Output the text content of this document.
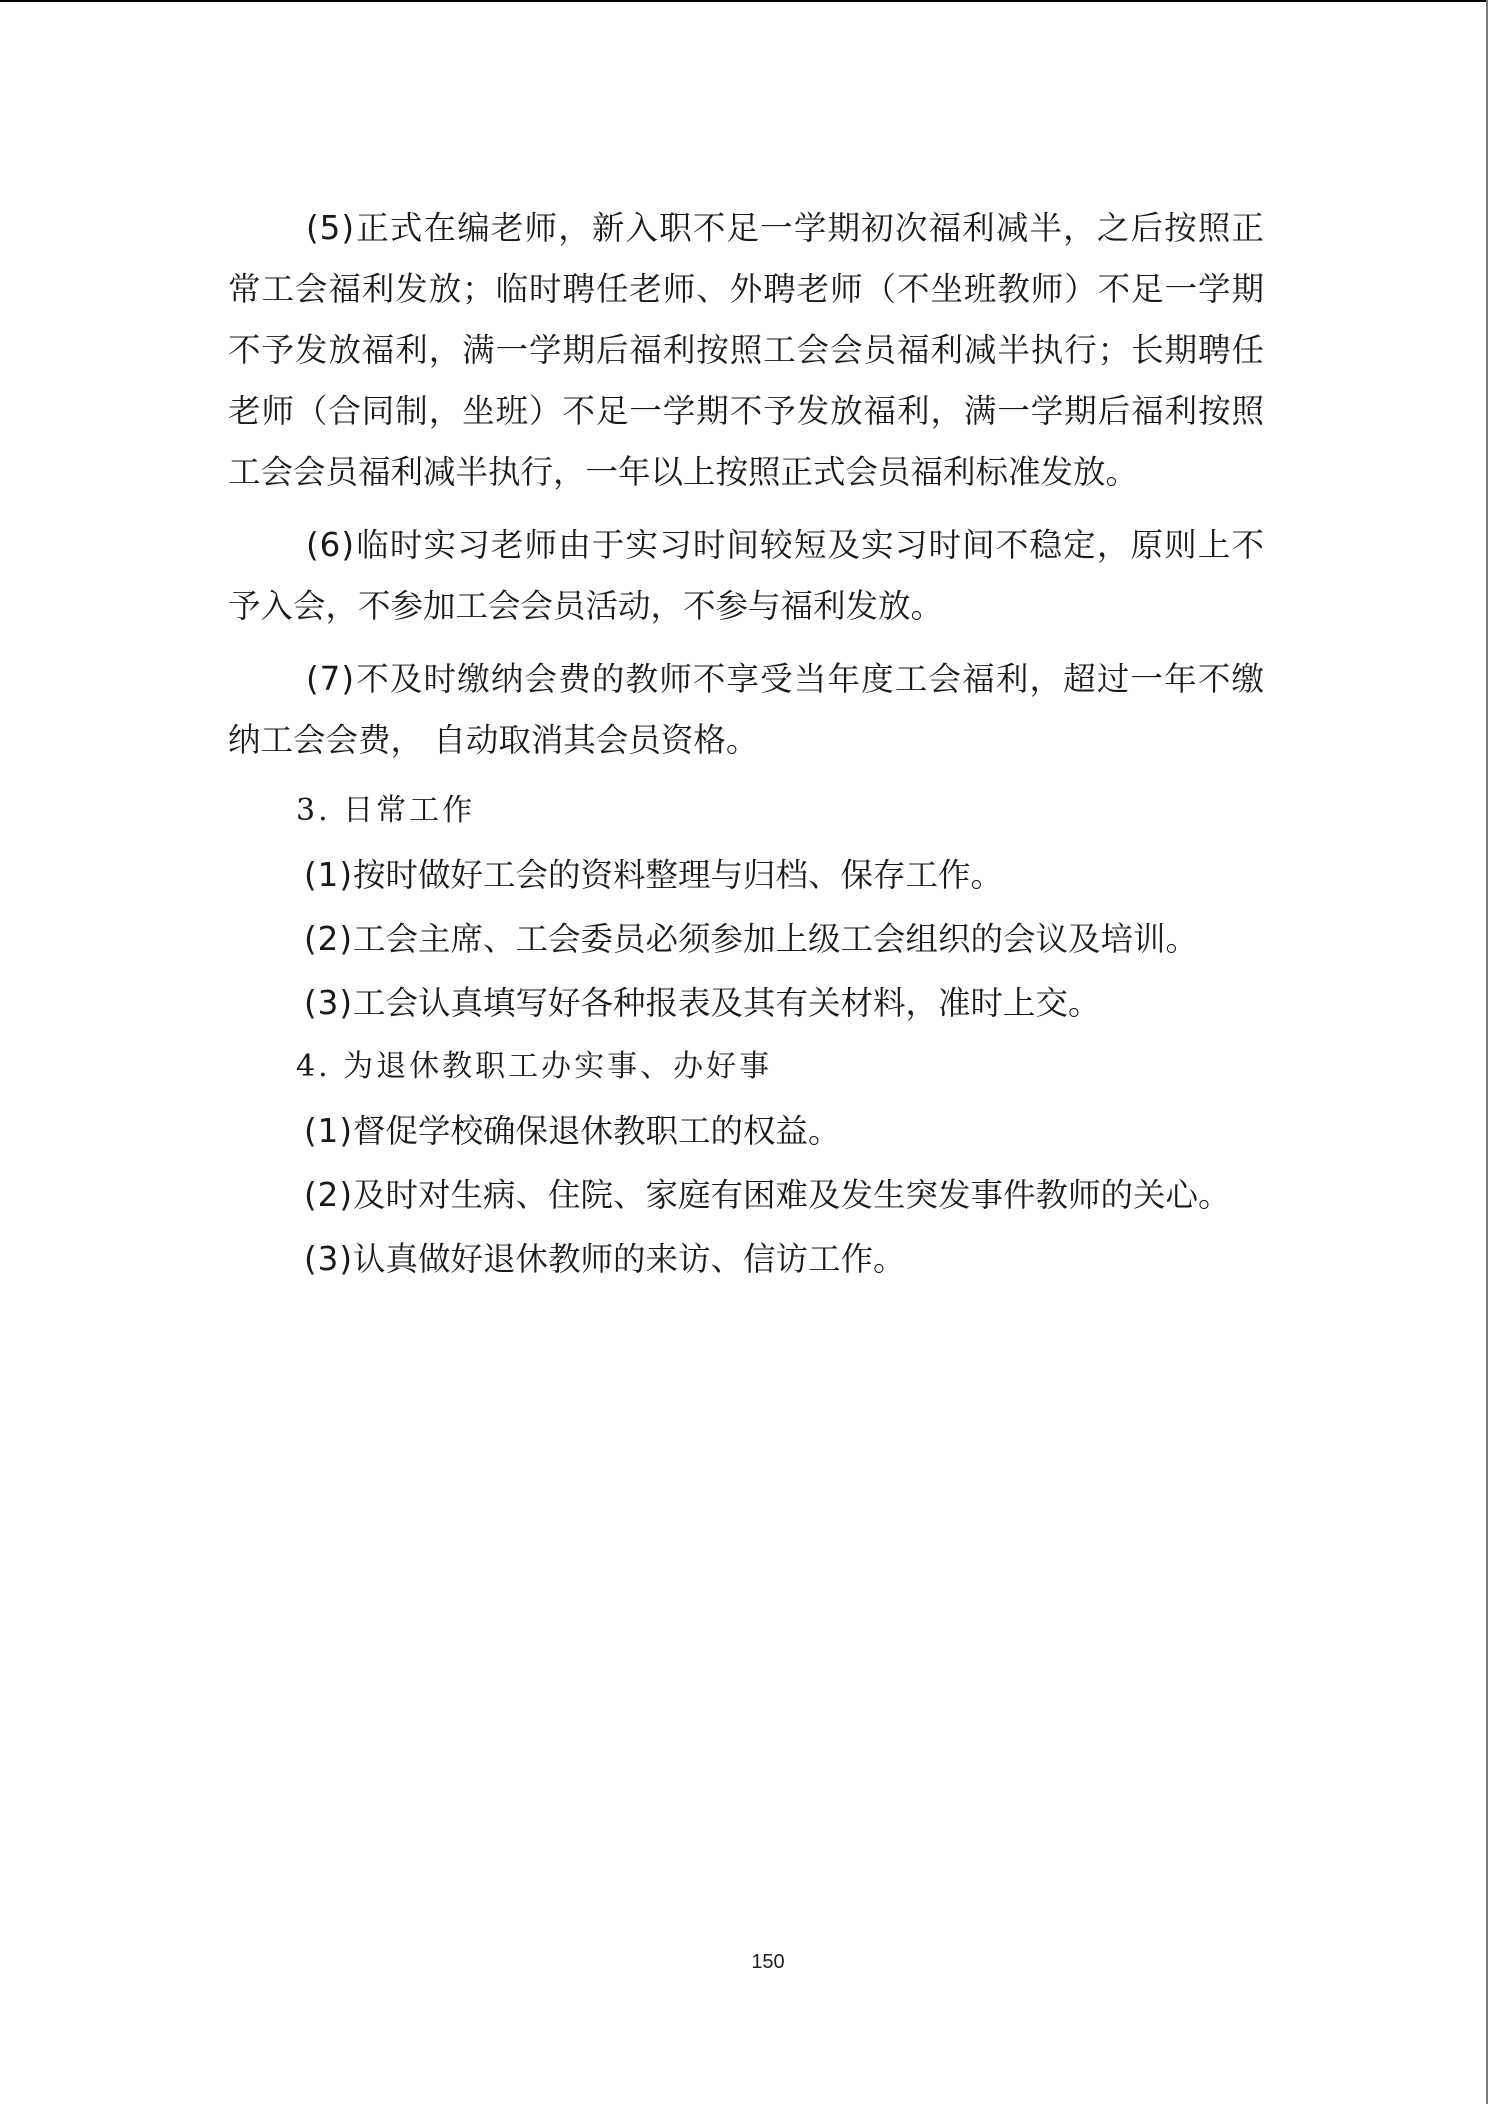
(5)正式在编老师，新入职不足一学期初次福利减半，之后按照正常工会福利发放；临时聘任老师、外聘老师（不坐班教师）不足一学期不予发放福利，满一学期后福利按照工会会员福利减半执行；长期聘任老师（合同制，坐班）不足一学期不予发放福利，满一学期后福利按照工会会员福利减半执行，一年以上按照正式会员福利标准发放。

(6)临时实习老师由于实习时间较短及实习时间不稳定，原则上不予入会，不参加工会会员活动，不参与福利发放。

(7)不及时缴纳会费的教师不享受当年度工会福利，超过一年不缴纳工会会费， 自动取消其会员资格。

3. 日常工作

(1)按时做好工会的资料整理与归档、保存工作。

(2)工会主席、工会委员必须参加上级工会组织的会议及培训。

(3)工会认真填写好各种报表及其有关材料，准时上交。

4. 为退休教职工办实事、办好事

(1)督促学校确保退休教职工的权益。

(2)及时对生病、住院、家庭有困难及发生突发事件教师的关心。

(3)认真做好退休教师的来访、信访工作。

150
